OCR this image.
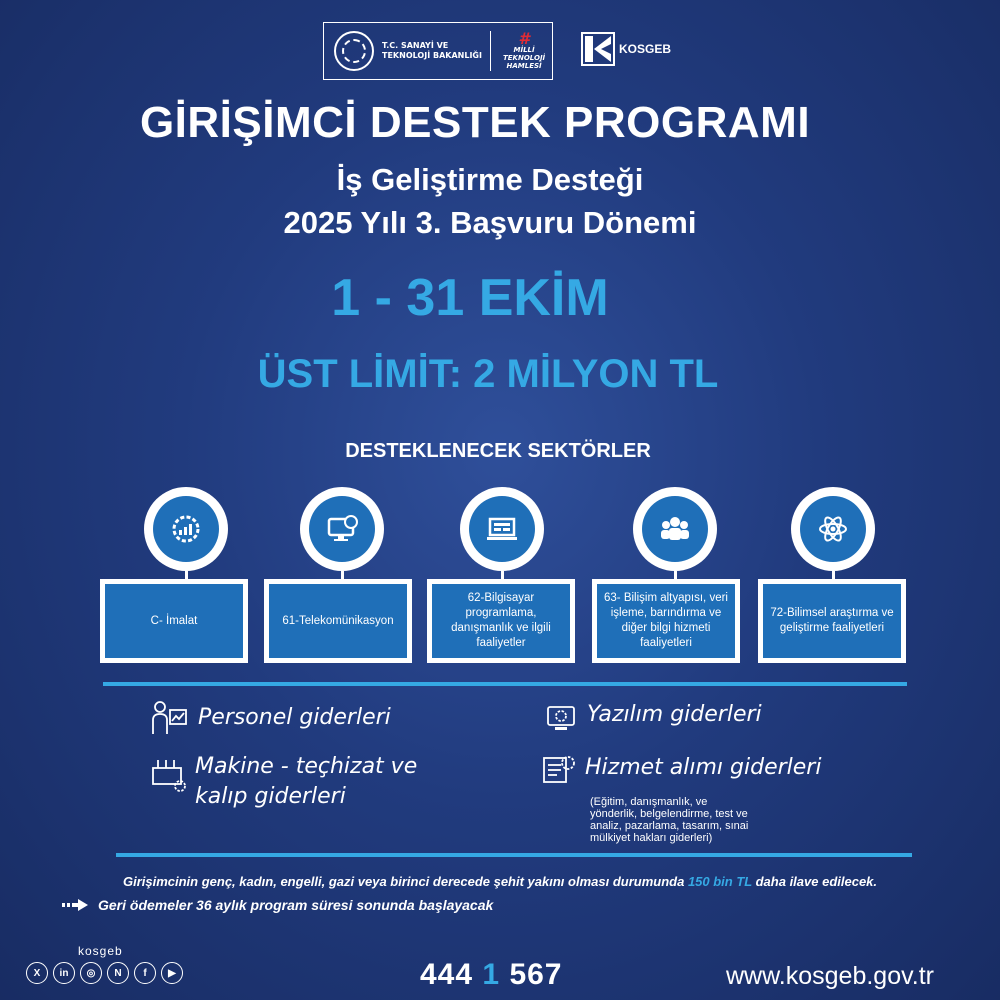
T.C. SANAYİ VE
TEKNOLOJİ BAKANLIĞI
#
MİLLİ
TEKNOLOJİ
HAMLESİ
KOSGEB
GİRİŞİMCİ DESTEK PROGRAMI
İş Geliştirme Desteği
2025 Yılı 3. Başvuru Dönemi
1 - 31 EKİM
ÜST LİMİT: 2 MİLYON TL
DESTEKLENECEK SEKTÖRLER
C- İmalat	61-Telekomünikasyon
62-Bilgisayar programlama, danışmanlık ve ilgili faaliyetler
63- Bilişim altyapısı, veri işleme, barındırma ve diğer bilgi hizmeti faaliyetleri
72-Bilimsel araştırma ve geliştirme faaliyetleri
Personel giderleri
Makine - teçhizat ve
kalıp giderleri
Yazılım giderleri
Hizmet alımı giderleri
(Eğitim, danışmanlık, ve
yönderlik, belgelendirme, test ve
analiz, pazarlama, tasarım, sınai
mülkiyet hakları giderleri)
Girişimcinin genç, kadın, engelli, gazi veya birinci derecede şehit yakını olması durumunda 150 bin TL daha ilave edilecek.
Geri ödemeler 36 aylık program süresi sonunda başlayacak
kosgeb
X	in	◎	N	f	▶	444 1 567	www.kosgeb.gov.tr
